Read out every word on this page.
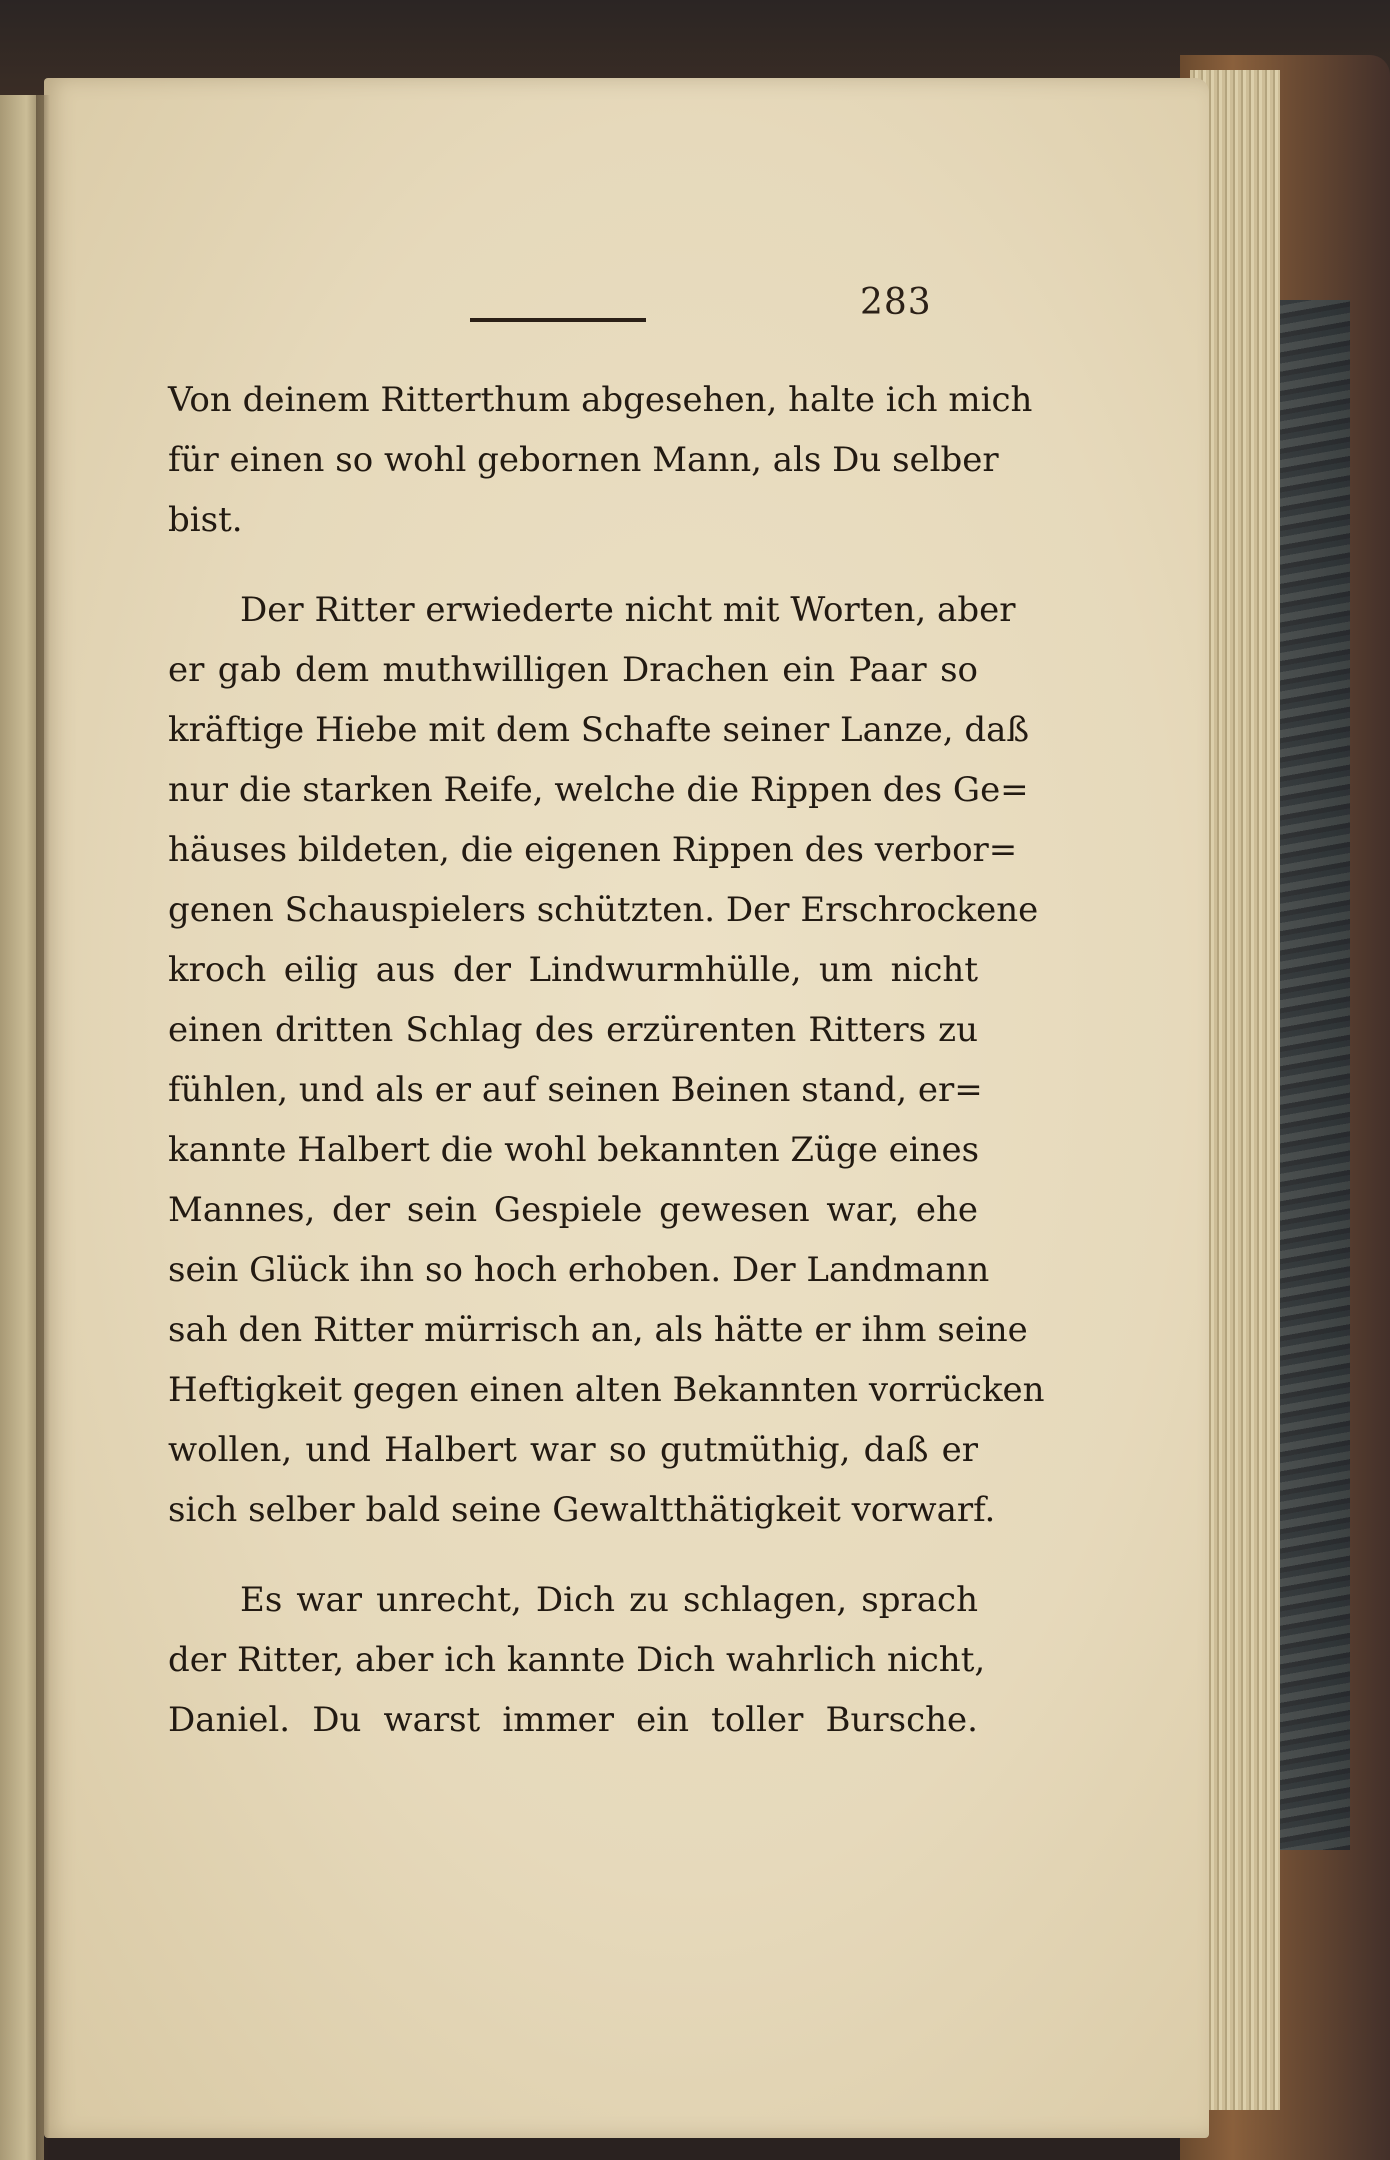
283
Von deinem Ritterthum abgesehen, halte ich mich
für einen so wohl gebornen Mann, als Du selber
bist.
Der Ritter erwiederte nicht mit Worten, aber
er gab dem muthwilligen Drachen ein Paar so
kräftige Hiebe mit dem Schafte seiner Lanze, daß
nur die starken Reife, welche die Rippen des Ge=
häuses bildeten, die eigenen Rippen des verbor=
genen Schauspielers schützten. Der Erschrockene
kroch eilig aus der Lindwurmhülle, um nicht
einen dritten Schlag des erzürenten Ritters zu
fühlen, und als er auf seinen Beinen stand, er=
kannte Halbert die wohl bekannten Züge eines
Mannes, der sein Gespiele gewesen war, ehe
sein Glück ihn so hoch erhoben. Der Landmann
sah den Ritter mürrisch an, als hätte er ihm seine
Heftigkeit gegen einen alten Bekannten vorrücken
wollen, und Halbert war so gutmüthig, daß er
sich selber bald seine Gewaltthätigkeit vorwarf.
Es war unrecht, Dich zu schlagen, sprach
der Ritter, aber ich kannte Dich wahrlich nicht,
Daniel. Du warst immer ein toller Bursche.
